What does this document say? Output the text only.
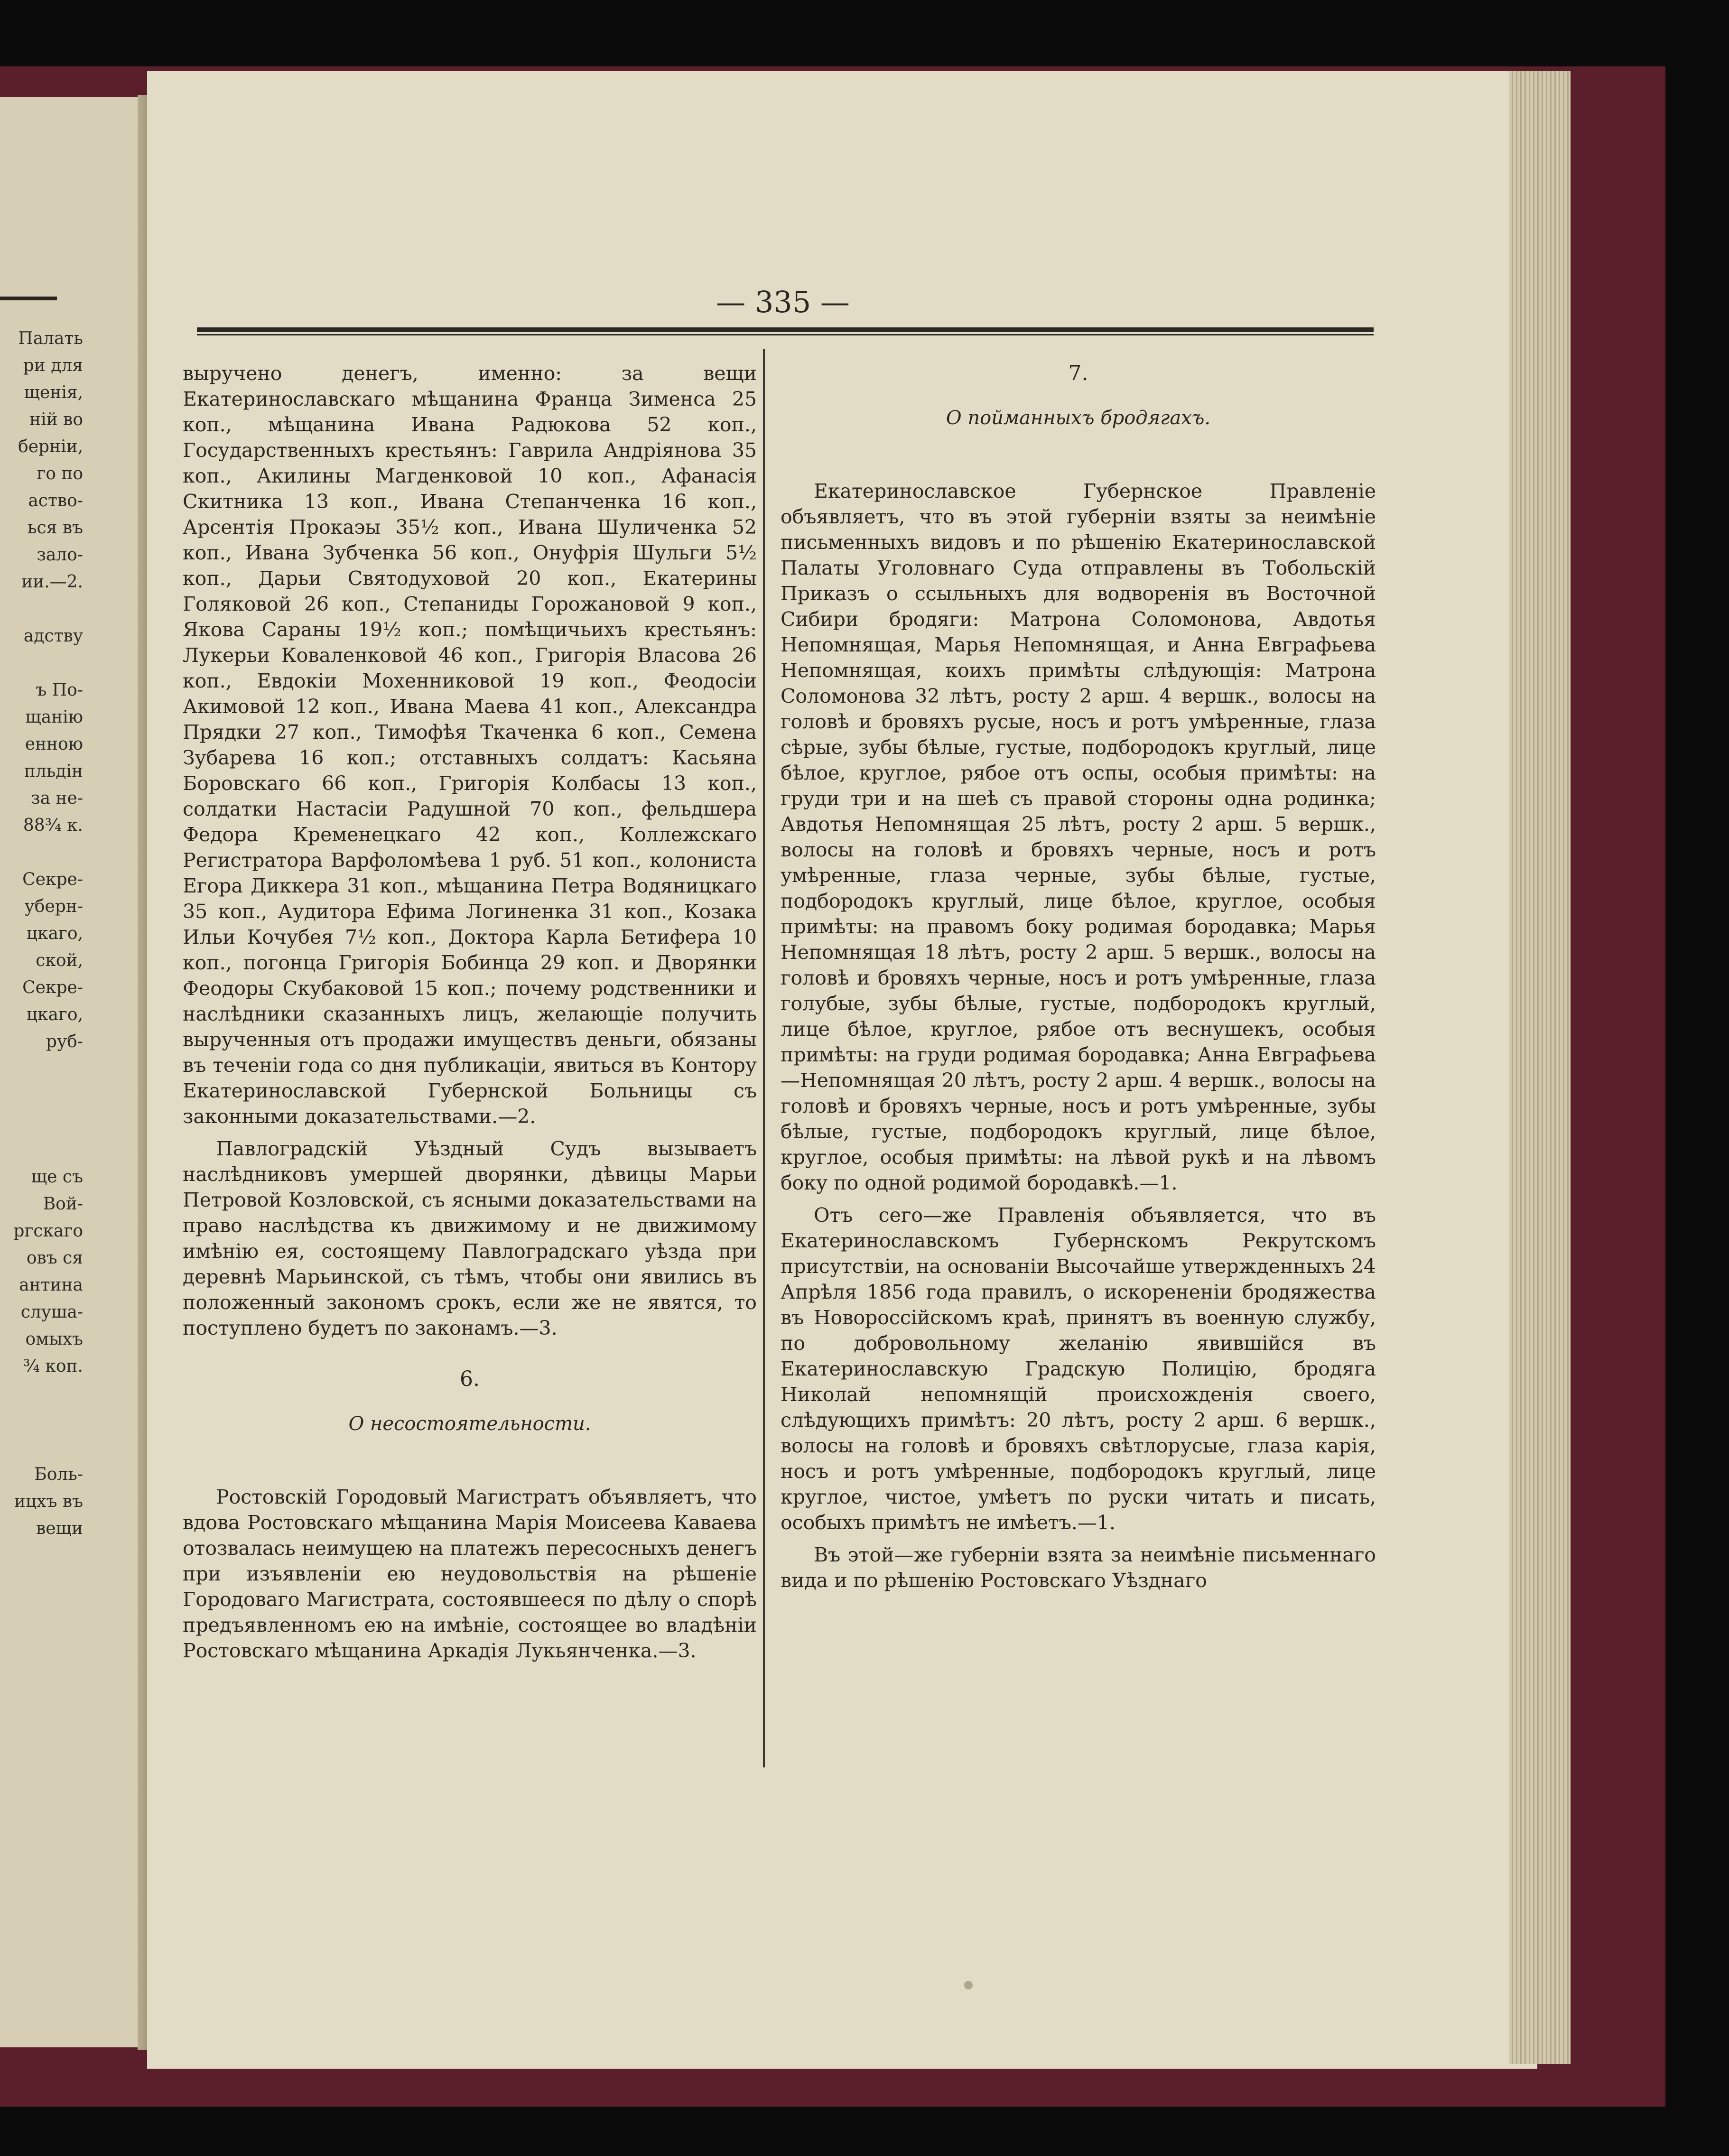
Палать
ри для
щенія,
ній во
берніи,
го по
аство-
ься въ
зало-
ии.—2.
адству
ъ По-
щанію
енною
пльдін
за не-
88¾ к.
Секре-
уберн-
цкаго,
ской,
Секре-
цкаго,
руб-
ще съ
Вой-
ргскаго
овъ ся
антина
слуша-
омыхъ
¾ коп.
Боль-
ицхъ въ
вещи
— 335 —

выручено денегъ, именно: за вещи Екатеринославскаго мѣщанина Франца Зименса 25 коп., мѣщанина Ивана Радюкова 52 коп., Государственныхъ крестьянъ: Гаврила Андріянова 35 коп., Акилины Магденковой 10 коп., Афанасія Скитника 13 коп., Ивана Степанченка 16 коп., Арсентія Прокаэы 35½ коп., Ивана Шуличенка 52 коп., Ивана Зубченка 56 коп., Онуфрія Шульги 5½ коп., Дарьи Святодуховой 20 коп., Екатерины Голяковой 26 коп., Степаниды Горожановой 9 коп., Якова Сараны 19½ коп.; помѣщичьихъ крестьянъ: Лукерьи Коваленковой 46 коп., Григорія Власова 26 коп., Евдокіи Мохенниковой 19 коп., Феодосіи Акимовой 12 коп., Ивана Маева 41 коп., Александра Прядки 27 коп., Тимофѣя Ткаченка 6 коп., Семена Зубарева 16 коп.; отставныхъ солдатъ: Касьяна Боровскаго 66 коп., Григорія Колбасы 13 коп., солдатки Настасіи Радушной 70 коп., фельдшера Федора Кременецкаго 42 коп., Коллежскаго Регистратора Варфоломѣева 1 руб. 51 коп., колониста Егора Диккера 31 коп., мѣщанина Петра Водяницкаго 35 коп., Аудитора Ефима Логиненка 31 коп., Козака Ильи Кочубея 7½ коп., Доктора Карла Бетифера 10 коп., погонца Григорія Бобинца 29 коп. и Дворянки Феодоры Скубаковой 15 коп.; почему родственники и наслѣдники сказанныхъ лицъ, желающіе получить вырученныя отъ продажи имуществъ деньги, обязаны въ теченіи года со дня публикаціи, явиться въ Контору Екатеринославской Губернской Больницы съ законными доказательствами.—2.

Павлоградскій Уѣздный Судъ вызываетъ наслѣдниковъ умершей дворянки, дѣвицы Марьи Петровой Козловской, съ ясными доказательствами на право наслѣдства къ движимому и не движимому имѣнію ея, состоящему Павлоградскаго уѣзда при деревнѣ Марьинской, съ тѣмъ, чтобы они явились въ положенный закономъ срокъ, если же не явятся, то поступлено будетъ по законамъ.—3.

6.
О несостоятельности.

Ростовскій Городовый Магистратъ объявляетъ, что вдова Ростовскаго мѣщанина Марія Моисеева Каваева отозвалась неимущею на платежъ пересосныхъ денегъ при изъявленіи ею неудовольствія на рѣшеніе Городоваго Магистрата, состоявшееся по дѣлу о спорѣ предъявленномъ ею на имѣніе, состоящее во владѣніи Ростовскаго мѣщанина Аркадія Лукьянченка.—3.

7.
О пойманныхъ бродягахъ.

Екатеринославское Губернское Правленіе объявляетъ, что въ этой губерніи взяты за неимѣніе письменныхъ видовъ и по рѣшенію Екатеринославской Палаты Уголовнаго Суда отправлены въ Тобольскій Приказъ о ссыльныхъ для водворенія въ Восточной Сибири бродяги: Матрона Соломонова, Авдотья Непомнящая, Марья Непомнящая, и Анна Евграфьева Непомнящая, коихъ примѣты слѣдующія: Матрона Соломонова 32 лѣтъ, росту 2 арш. 4 вершк., волосы на головѣ и бровяхъ русые, носъ и ротъ умѣренные, глаза сѣрые, зубы бѣлые, густые, подбородокъ круглый, лице бѣлое, круглое, рябое отъ оспы, особыя примѣты: на груди три и на шеѣ съ правой стороны одна родинка; Авдотья Непомнящая 25 лѣтъ, росту 2 арш. 5 вершк., волосы на головѣ и бровяхъ черные, носъ и ротъ умѣренные, глаза черные, зубы бѣлые, густые, подбородокъ круглый, лице бѣлое, круглое, особыя примѣты: на правомъ боку родимая бородавка; Марья Непомнящая 18 лѣтъ, росту 2 арш. 5 вершк., волосы на головѣ и бровяхъ черные, носъ и ротъ умѣренные, глаза голубые, зубы бѣлые, густые, подбородокъ круглый, лице бѣлое, круглое, рябое отъ веснушекъ, особыя примѣты: на груди родимая бородавка; Анна Евграфьева—Непомнящая 20 лѣтъ, росту 2 арш. 4 вершк., волосы на головѣ и бровяхъ черные, носъ и ротъ умѣренные, зубы бѣлые, густые, подбородокъ круглый, лице бѣлое, круглое, особыя примѣты: на лѣвой рукѣ и на лѣвомъ боку по одной родимой бородавкѣ.—1.

Отъ сего—же Правленія объявляется, что въ Екатеринославскомъ Губернскомъ Рекрутскомъ присутствіи, на основаніи Высочайше утвержденныхъ 24 Апрѣля 1856 года правилъ, о искорененіи бродяжества въ Новороссійскомъ краѣ, принятъ въ военную службу, по добровольному желанію явившійся въ Екатеринославскую Градскую Полицію, бродяга Николай непомнящій происхожденія своего, слѣдующихъ примѣтъ: 20 лѣтъ, росту 2 арш. 6 вершк., волосы на головѣ и бровяхъ свѣтлорусые, глаза карія, носъ и ротъ умѣренные, подбородокъ круглый, лице круглое, чистое, умѣетъ по руски читать и писать, особыхъ примѣтъ не имѣетъ.—1.

Въ этой—же губерніи взята за неимѣніе письменнаго вида и по рѣшенію Ростовскаго Уѣзднаго
